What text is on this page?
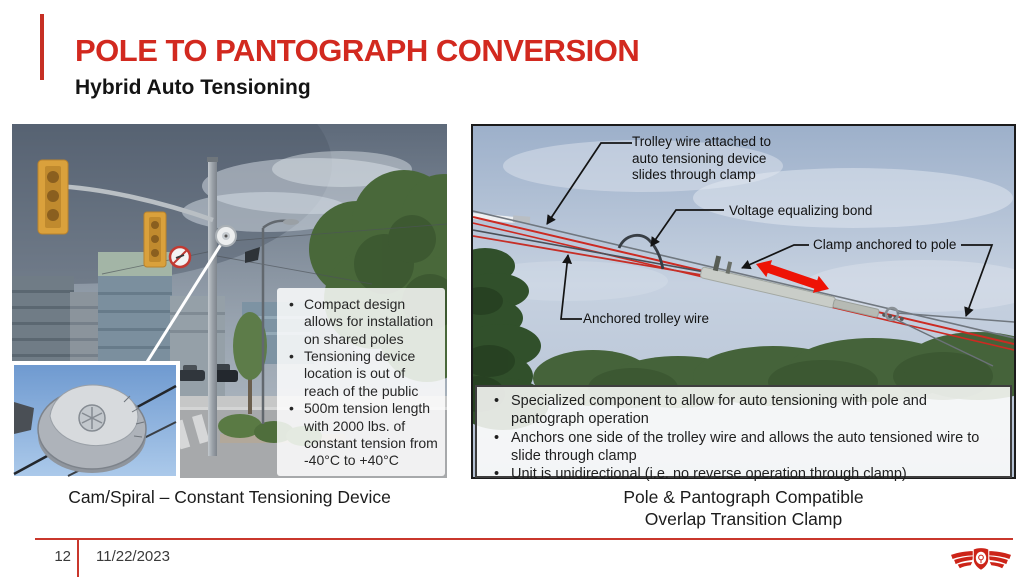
POLE TO PANTOGRAPH CONVERSION
Hybrid Auto Tensioning
• Compact design allows for installation on shared poles
• Tensioning device location is out of reach of the public
• 500m tension length with 2000 lbs. of constant tension from -40°C to +40°C
Trolley wire attached to auto tensioning device slides through clamp
Voltage equalizing bond
Clamp anchored to pole
Anchored trolley wire
• Specialized component to allow for auto tensioning with pole and pantograph operation
• Anchors one side of the trolley wire and allows the auto tensioned wire to slide through clamp
• Unit is unidirectional (i.e. no reverse operation through clamp)
Cam/Spiral – Constant Tensioning Device	Pole & Pantograph Compatible
Overlap Transition Clamp
12 11/22/2023
